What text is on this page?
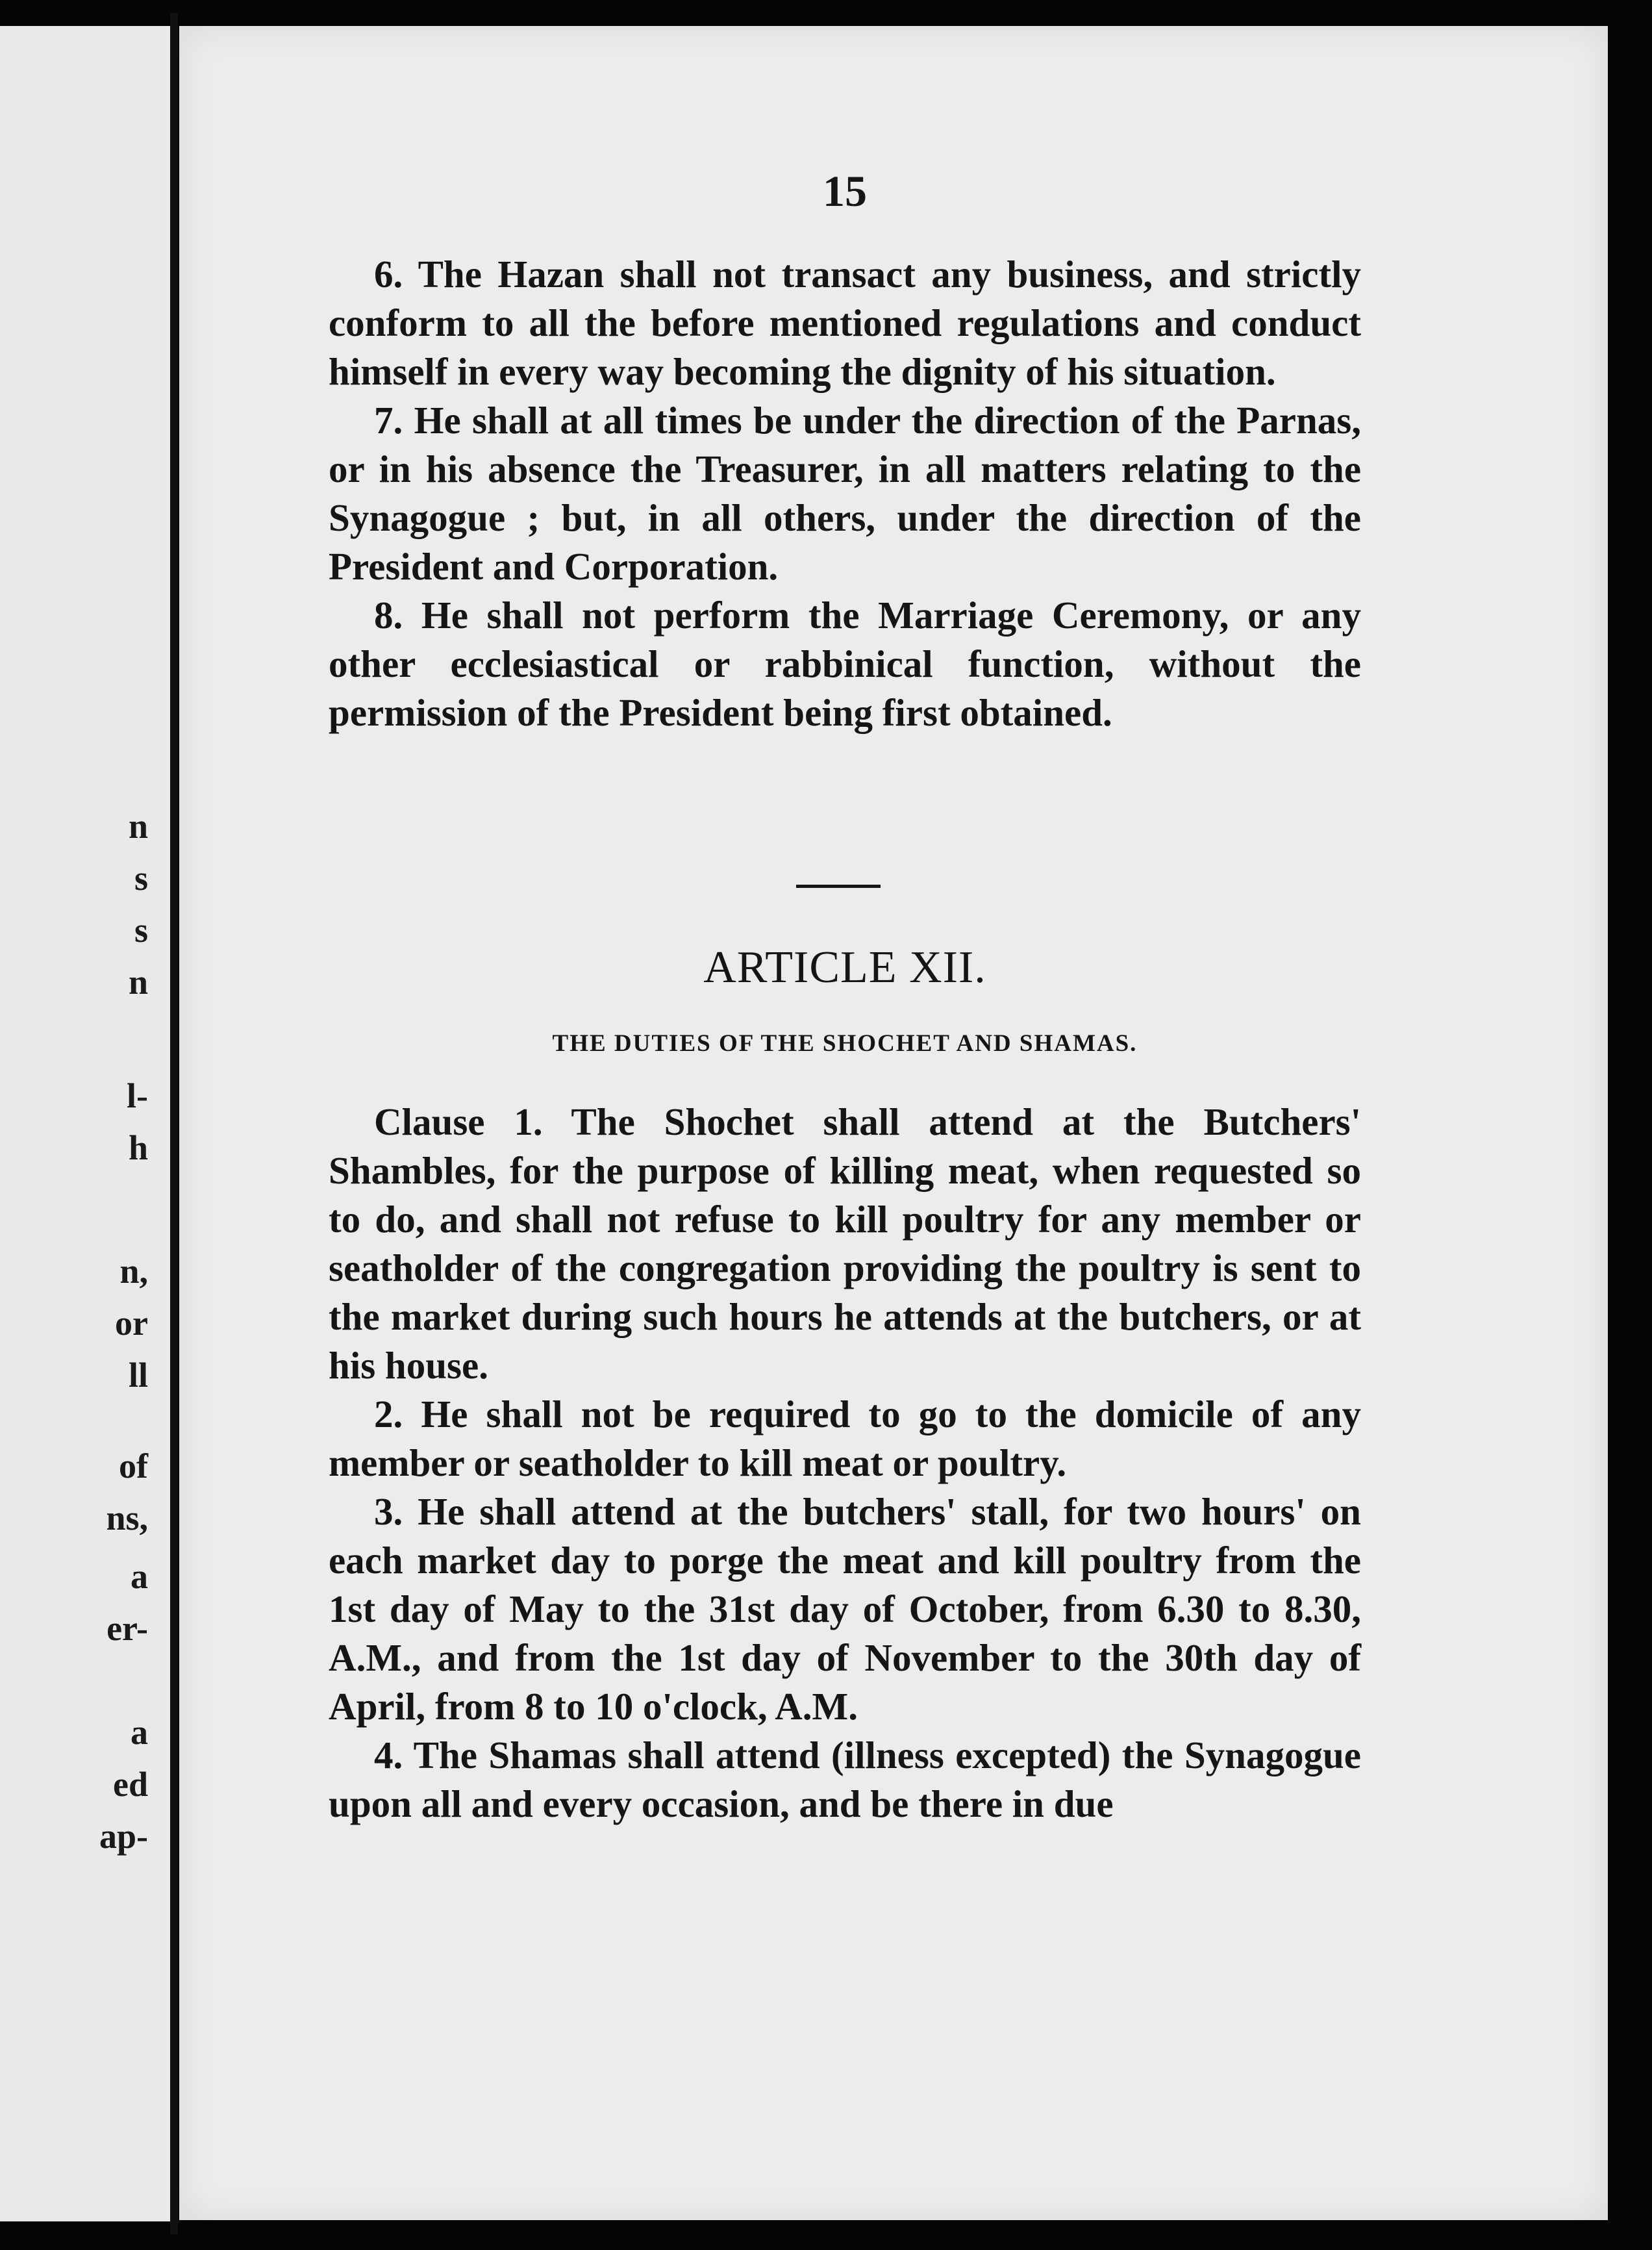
n
s
s
n
l-
h
n,
or
ll
of
ns,
a
er-
a
ed
ap-
15

6. The Hazan shall not transact any business, and strictly conform to all the before mentioned regulations and conduct himself in every way becoming the dignity of his situation.

7. He shall at all times be under the direction of the Parnas, or in his absence the Treasurer, in all matters relating to the Synagogue ; but, in all others, under the direction of the President and Corporation.

8. He shall not perform the Marriage Ceremony, or any other ecclesiastical or rabbinical function, without the permission of the President being first obtained.

ARTICLE XII.
THE DUTIES OF THE SHOCHET AND SHAMAS.

Clause 1. The Shochet shall attend at the Butchers' Shambles, for the purpose of killing meat, when requested so to do, and shall not refuse to kill poultry for any member or seatholder of the congregation providing the poultry is sent to the market during such hours he attends at the butchers, or at his house.

2. He shall not be required to go to the domicile of any member or seatholder to kill meat or poultry.

3. He shall attend at the butchers' stall, for two hours' on each market day to porge the meat and kill poultry from the 1st day of May to the 31st day of October, from 6.30 to 8.30, A.M., and from the 1st day of November to the 30th day of April, from 8 to 10 o'clock, A.M.

4. The Shamas shall attend (illness excepted) the Synagogue upon all and every occasion, and be there in due
